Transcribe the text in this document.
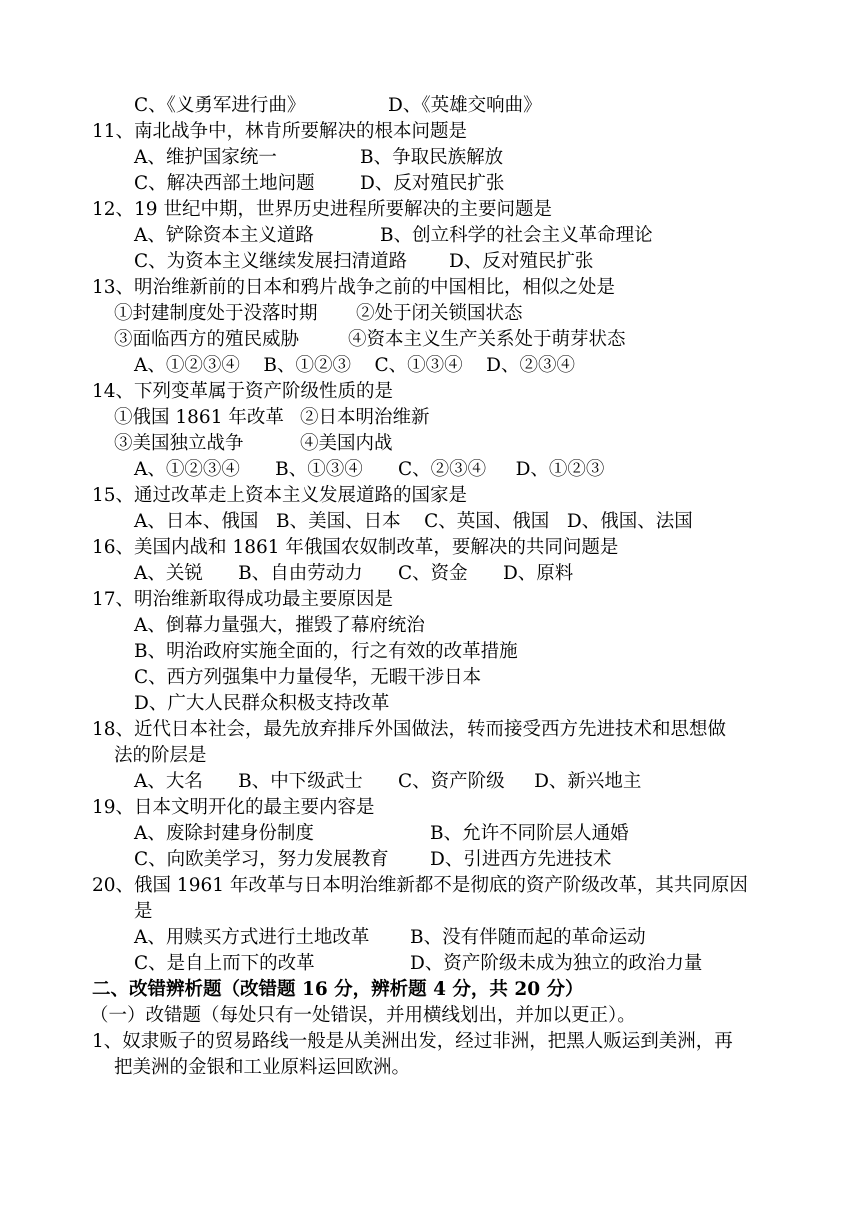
C、《义勇军进行曲》	D、《英雄交响曲》

11、南北战争中，林肯所要解决的根本问题是

A、维护国家统一	B、争取民族解放

C、解决西部土地问题 D、反对殖民扩张

12、19 世纪中期，世界历史进程所要解决的主要问题是

A、铲除资本主义道路	B、创立科学的社会主义革命理论

C、为资本主义继续发展扫清道路 D、反对殖民扩张

13、明治维新前的日本和鸦片战争之前的中国相比，相似之处是

①封建制度处于没落时期 ②处于闭关锁国状态

③面临西方的殖民威胁	④资本主义生产关系处于萌芽状态

A、①②③④    B、①②③    C、①③④    D、②③④

14、下列变革属于资产阶级性质的是

①俄国 1861 年改革 ②日本明治维新

③美国独立战争	④美国内战

A、①②③④      B、①③④      C、②③④     D、①②③

15、通过改革走上资本主义发展道路的国家是

A、日本、俄国   B、美国、日本    C、英国、俄国   D、俄国、法国

16、美国内战和 1861 年俄国农奴制改革，要解决的共同问题是

A、关锐      B、自由劳动力      C、资金      D、原料

17、明治维新取得成功最主要原因是

A、倒幕力量强大，摧毁了幕府统治

B、明治政府实施全面的，行之有效的改革措施

C、西方列强集中力量侵华，无暇干涉日本

D、广大人民群众积极支持改革

18、近代日本社会，最先放弃排斥外国做法，转而接受西方先进技术和思想做

法的阶层是

A、大名      B、中下级武士      C、资产阶级     D、新兴地主

19、日本文明开化的最主要内容是

A、废除封建身份制度	B、允许不同阶层人通婚

C、向欧美学习，努力发展教育 D、引进西方先进技术

20、俄国 1961 年改革与日本明治维新都不是彻底的资产阶级改革，其共同原因

是

A、用赎买方式进行土地改革 B、没有伴随而起的革命运动

C、是自上而下的改革	D、资产阶级未成为独立的政治力量

二、改错辨析题（改错题 16 分，辨析题 4 分，共 20 分）

（一）改错题（每处只有一处错误，并用横线划出，并加以更正）。

1、奴隶贩子的贸易路线一般是从美洲出发，经过非洲，把黑人贩运到美洲，再

把美洲的金银和工业原料运回欧洲。
